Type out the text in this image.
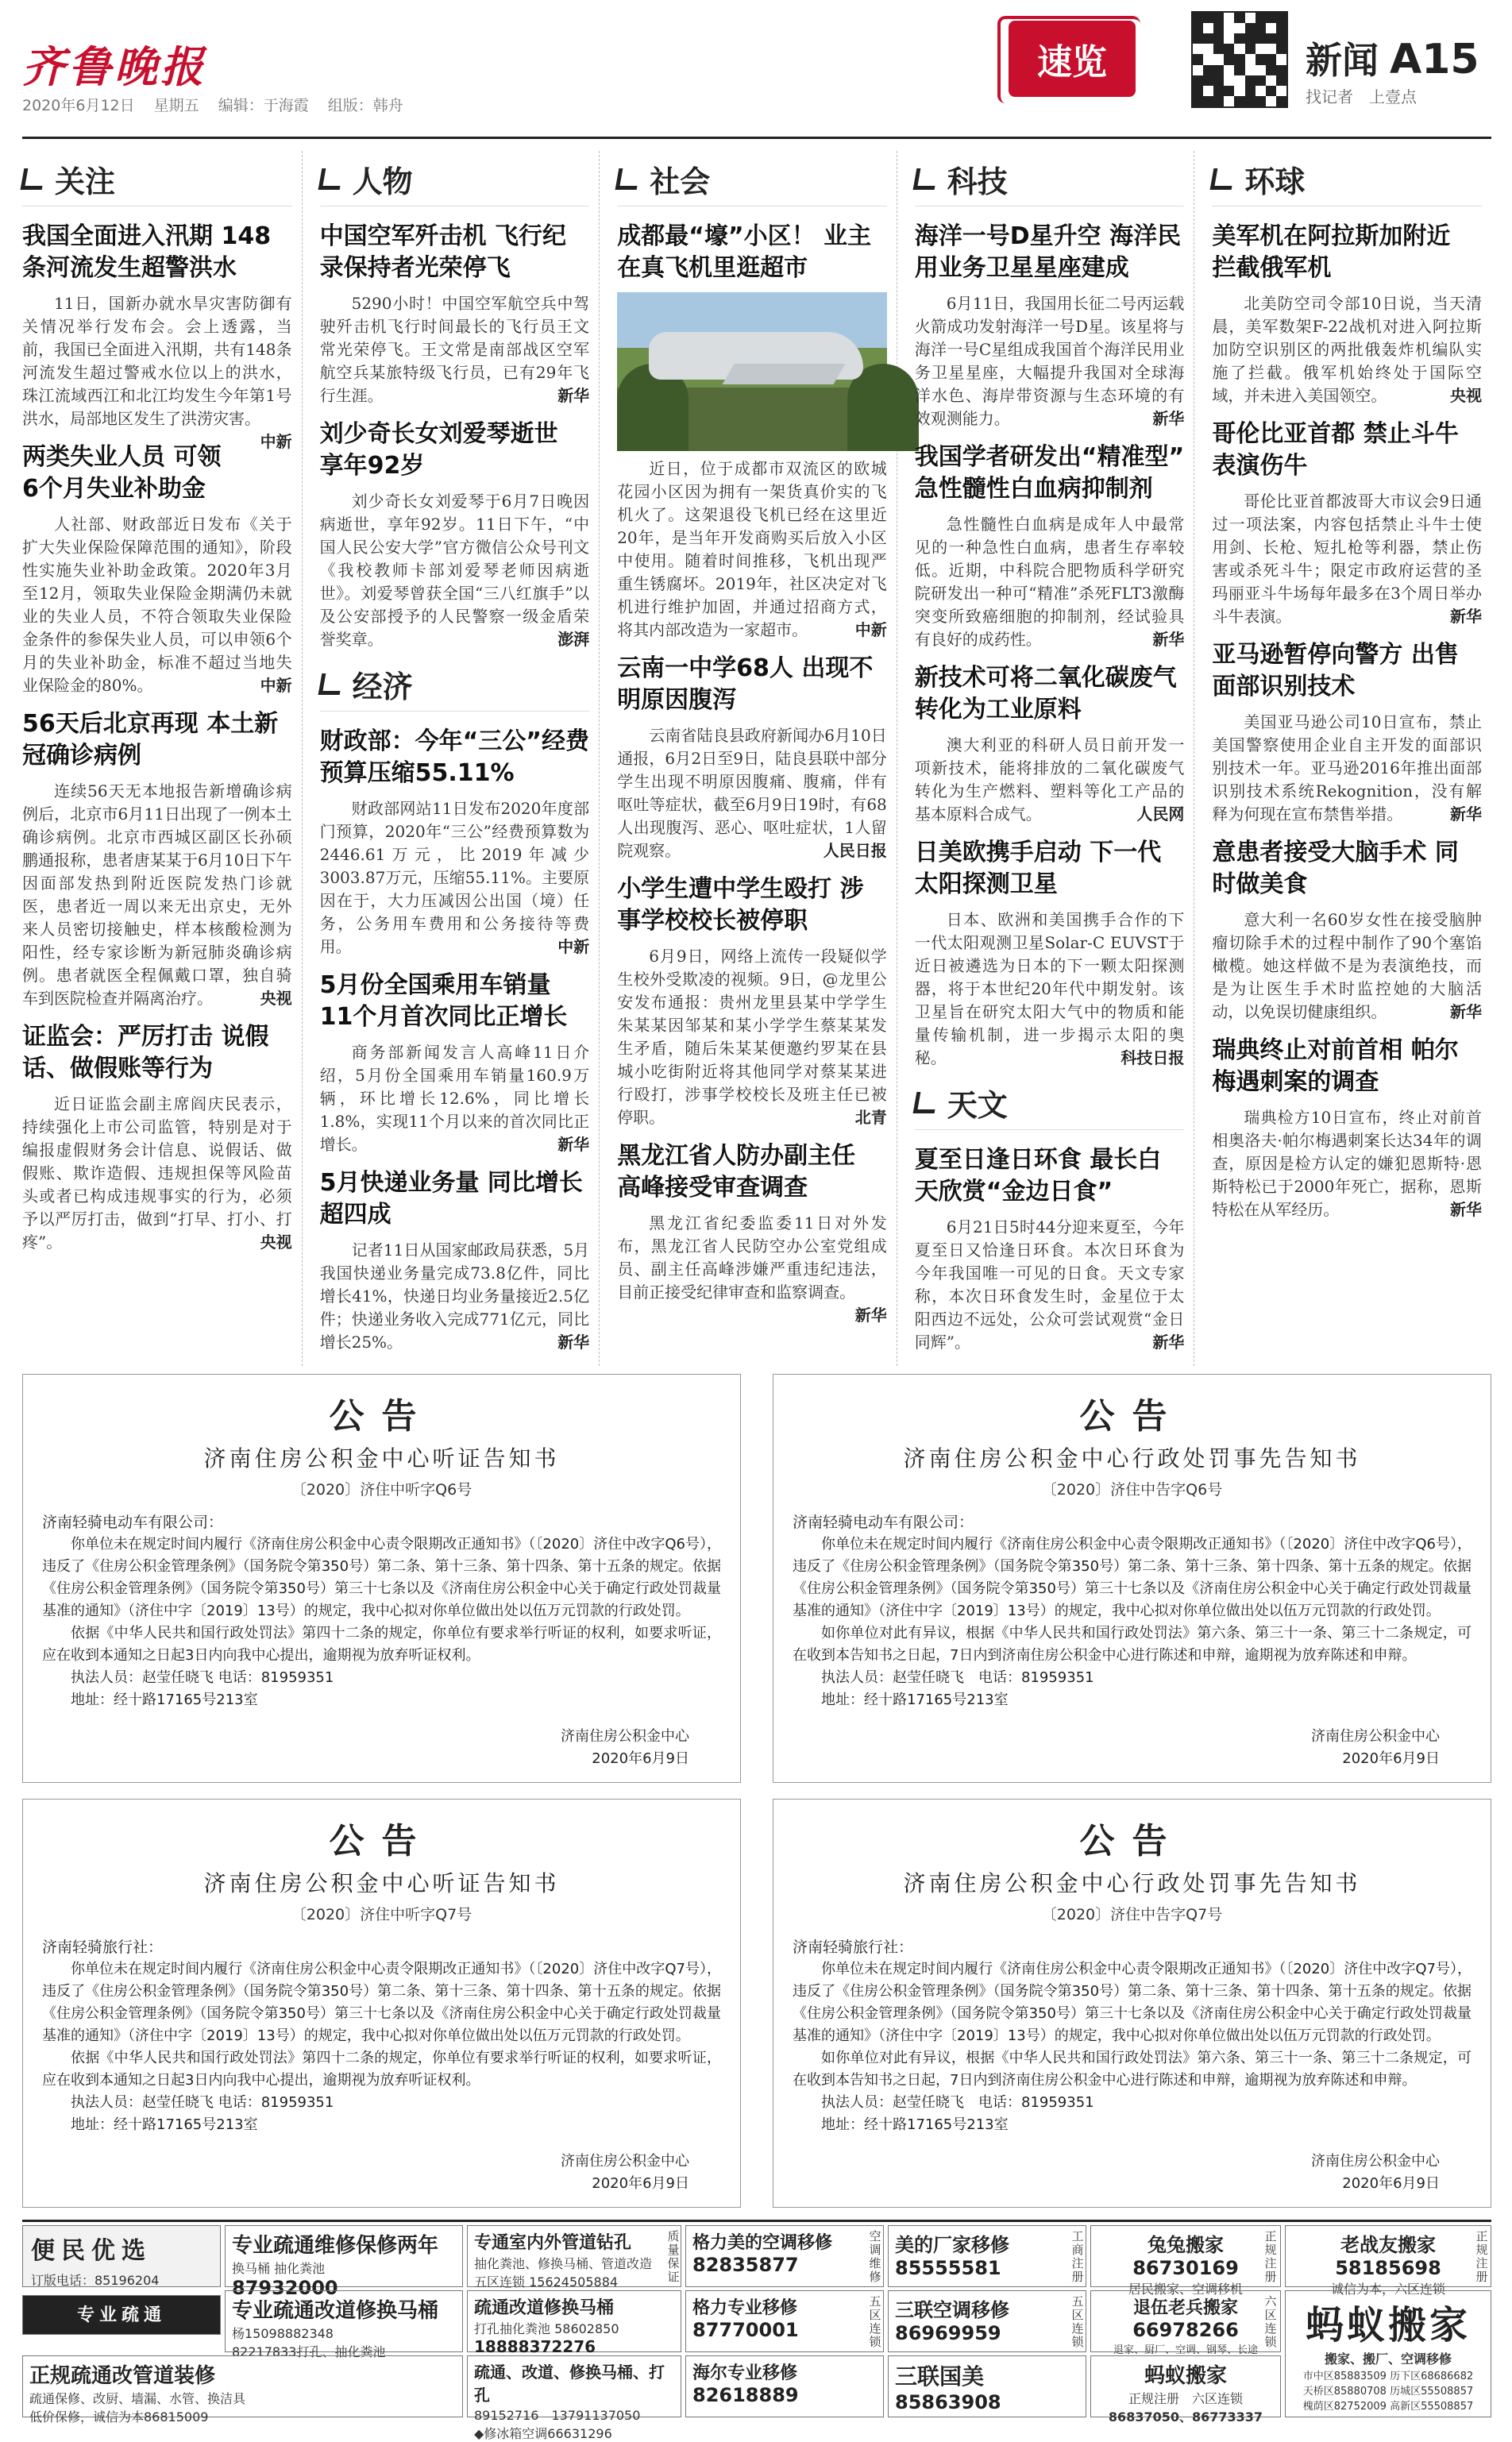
齐鲁晚报
2020年6月12日 星期五 编辑：于海霞 组版：韩舟
速览	新闻 A15
找记者　上壹点
关注
我国全面进入汛期 148条河流发生超警洪水

11日，国新办就水旱灾害防御有关情况举行发布会。会上透露，当前，我国已全面进入汛期，共有148条河流发生超过警戒水位以上的洪水，珠江流域西江和北江均发生今年第1号洪水，局部地区发生了洪涝灾害。
中新

两类失业人员 可领6个月失业补助金

人社部、财政部近日发布《关于扩大失业保险保障范围的通知》，阶段性实施失业补助金政策。2020年3月至12月，领取失业保险金期满仍未就业的失业人员，不符合领取失业保险金条件的参保失业人员，可以申领6个月的失业补助金，标准不超过当地失业保险金的80%。	中新

56天后北京再现 本土新冠确诊病例

连续56天无本地报告新增确诊病例后，北京市6月11日出现了一例本土确诊病例。北京市西城区副区长孙硕鹏通报称，患者唐某某于6月10日下午因面部发热到附近医院发热门诊就医，患者近一周以来无出京史，无外来人员密切接触史，样本核酸检测为阳性，经专家诊断为新冠肺炎确诊病例。患者就医全程佩戴口罩，独自骑车到医院检查并隔离治疗。	央视

证监会：严厉打击 说假话、做假账等行为

近日证监会副主席阎庆民表示，持续强化上市公司监管，特别是对于编报虚假财务会计信息、说假话、做假账、欺诈造假、违规担保等风险苗头或者已构成违规事实的行为，必须予以严厉打击，做到“打早、打小、打疼”。	央视

人物
中国空军歼击机 飞行纪录保持者光荣停飞

5290小时！中国空军航空兵中驾驶歼击机飞行时间最长的飞行员王文常光荣停飞。王文常是南部战区空军航空兵某旅特级飞行员，已有29年飞行生涯。	新华

刘少奇长女刘爱琴逝世 享年92岁

刘少奇长女刘爱琴于6月7日晚因病逝世，享年92岁。11日下午，“中国人民公安大学”官方微信公众号刊文《我校教师卡部刘爱琴老师因病逝世》。刘爱琴曾获全国“三八红旗手”以及公安部授予的人民警察一级金盾荣誉奖章。	澎湃

经济
财政部：今年“三公”经费 预算压缩55.11%

财政部网站11日发布2020年度部门预算，2020年“三公”经费预算数为2446.61万元，比2019年减少3003.87万元，压缩55.11%。主要原因在于，大力压减因公出国（境）任务，公务用车费用和公务接待等费用。	中新

5月份全国乘用车销量 11个月首次同比正增长

商务部新闻发言人高峰11日介绍，5月份全国乘用车销量160.9万辆，环比增长12.6%，同比增长1.8%，实现11个月以来的首次同比正增长。	新华

5月快递业务量 同比增长超四成

记者11日从国家邮政局获悉，5月我国快递业务量完成73.8亿件，同比增长41%，快递日均业务量接近2.5亿件；快递业务收入完成771亿元，同比增长25%。	新华

社会
成都最“壕”小区！ 业主在真飞机里逛超市

近日，位于成都市双流区的欧城花园小区因为拥有一架货真价实的飞机火了。这架退役飞机已经在这里近20年，是当年开发商购买后放入小区中使用。随着时间推移，飞机出现严重生锈腐坏。2019年，社区决定对飞机进行维护加固，并通过招商方式，将其内部改造为一家超市。	中新

云南一中学68人 出现不明原因腹泻

云南省陆良县政府新闻办6月10日通报，6月2日至9日，陆良县联中部分学生出现不明原因腹痛、腹痛，伴有呕吐等症状，截至6月9日19时，有68人出现腹泻、恶心、呕吐症状，1人留院观察。	人民日报

小学生遭中学生殴打 涉事学校校长被停职

6月9日，网络上流传一段疑似学生校外受欺凌的视频。9日，@龙里公安发布通报：贵州龙里县某中学学生朱某某因邹某和某小学学生蔡某某发生矛盾，随后朱某某便邀约罗某在县城小吃街附近将其他同学对蔡某某进行殴打，涉事学校校长及班主任已被停职。	北青

黑龙江省人防办副主任 高峰接受审查调查

黑龙江省纪委监委11日对外发布，黑龙江省人民防空办公室党组成员、副主任高峰涉嫌严重违纪违法，目前正接受纪律审查和监察调查。
新华

科技
海洋一号D星升空 海洋民用业务卫星星座建成

6月11日，我国用长征二号丙运载火箭成功发射海洋一号D星。该星将与海洋一号C星组成我国首个海洋民用业务卫星星座，大幅提升我国对全球海洋水色、海岸带资源与生态环境的有效观测能力。	新华

我国学者研发出“精准型” 急性髓性白血病抑制剂

急性髓性白血病是成年人中最常见的一种急性白血病，患者生存率较低。近期，中科院合肥物质科学研究院研发出一种可“精准”杀死FLT3激酶突变所致癌细胞的抑制剂，经试验具有良好的成药性。	新华

新技术可将二氧化碳废气 转化为工业原料

澳大利亚的科研人员日前开发一项新技术，能将排放的二氧化碳废气转化为生产燃料、塑料等化工产品的基本原料合成气。	人民网

日美欧携手启动 下一代太阳探测卫星

日本、欧洲和美国携手合作的下一代太阳观测卫星Solar-C EUVST于近日被遴选为日本的下一颗太阳探测器，将于本世纪20年代中期发射。该卫星旨在研究太阳大气中的物质和能量传输机制，进一步揭示太阳的奥秘。	科技日报

天文
夏至日逢日环食 最长白天欣赏“金边日食”

6月21日5时44分迎来夏至，今年夏至日又恰逢日环食。本次日环食为今年我国唯一可见的日食。天文专家称，本次日环食发生时，金星位于太阳西边不远处，公众可尝试观赏“金日同辉”。	新华

环球
美军机在阿拉斯加附近 拦截俄军机

北美防空司令部10日说，当天清晨，美军数架F-22战机对进入阿拉斯加防空识别区的两批俄轰炸机编队实施了拦截。俄军机始终处于国际空域，并未进入美国领空。	央视

哥伦比亚首都 禁止斗牛表演伤牛

哥伦比亚首都波哥大市议会9日通过一项法案，内容包括禁止斗牛士使用剑、长枪、短扎枪等利器，禁止伤害或杀死斗牛；限定市政府运营的圣玛丽亚斗牛场每年最多在3个周日举办斗牛表演。	新华

亚马逊暂停向警方 出售面部识别技术

美国亚马逊公司10日宣布，禁止美国警察使用企业自主开发的面部识别技术一年。亚马逊2016年推出面部识别技术系统Rekognition，没有解释为何现在宣布禁售举措。	新华

意患者接受大脑手术 同时做美食

意大利一名60岁女性在接受脑肿瘤切除手术的过程中制作了90个塞馅橄榄。她这样做不是为表演绝技，而是为让医生手术时监控她的大脑活动，以免误切健康组织。	新华

瑞典终止对前首相 帕尔梅遇刺案的调查

瑞典检方10日宣布，终止对前首相奥洛夫·帕尔梅遇刺案长达34年的调查，原因是检方认定的嫌犯恩斯特·恩斯特松已于2000年死亡，据称，恩斯特松在从军经历。	新华

公告
济南住房公积金中心听证告知书
〔2020〕济住中听字Q6号
济南轻骑电动车有限公司：

你单位未在规定时间内履行《济南住房公积金中心责令限期改正通知书》（〔2020〕济住中改字Q6号），违反了《住房公积金管理条例》（国务院令第350号）第二条、第十三条、第十四条、第十五条的规定。依据《住房公积金管理条例》（国务院令第350号）第三十七条以及《济南住房公积金中心关于确定行政处罚裁量基准的通知》（济住中字〔2019〕13号）的规定，我中心拟对你单位做出处以伍万元罚款的行政处罚。

依据《中华人民共和国行政处罚法》第四十二条的规定，你单位有要求举行听证的权利，如要求听证，应在收到本通知之日起3日内向我中心提出，逾期视为放弃听证权利。

执法人员：赵莹任晓飞 电话：81959351

地址：经十路17165号213室

济南住房公积金中心
2020年6月9日
公告
济南住房公积金中心行政处罚事先告知书
〔2020〕济住中告字Q6号
济南轻骑电动车有限公司：

你单位未在规定时间内履行《济南住房公积金中心责令限期改正通知书》（〔2020〕济住中改字Q6号），违反了《住房公积金管理条例》（国务院令第350号）第二条、第十三条、第十四条、第十五条的规定。依据《住房公积金管理条例》（国务院令第350号）第三十七条以及《济南住房公积金中心关于确定行政处罚裁量基准的通知》（济住中字〔2019〕13号）的规定，我中心拟对你单位做出处以伍万元罚款的行政处罚。

如你单位对此有异议，根据《中华人民共和国行政处罚法》第六条、第三十一条、第三十二条规定，可在收到本告知书之日起，7日内到济南住房公积金中心进行陈述和申辩，逾期视为放弃陈述和申辩。

执法人员：赵莹任晓飞　电话：81959351

地址：经十路17165号213室

济南住房公积金中心
2020年6月9日
公告
济南住房公积金中心听证告知书
〔2020〕济住中听字Q7号
济南轻骑旅行社：

你单位未在规定时间内履行《济南住房公积金中心责令限期改正通知书》（〔2020〕济住中改字Q7号），违反了《住房公积金管理条例》（国务院令第350号）第二条、第十三条、第十四条、第十五条的规定。依据《住房公积金管理条例》（国务院令第350号）第三十七条以及《济南住房公积金中心关于确定行政处罚裁量基准的通知》（济住中字〔2019〕13号）的规定，我中心拟对你单位做出处以伍万元罚款的行政处罚。

依据《中华人民共和国行政处罚法》第四十二条的规定，你单位有要求举行听证的权利，如要求听证，应在收到本通知之日起3日内向我中心提出，逾期视为放弃听证权利。

执法人员：赵莹任晓飞 电话：81959351

地址：经十路17165号213室

济南住房公积金中心
2020年6月9日
公告
济南住房公积金中心行政处罚事先告知书
〔2020〕济住中告字Q7号
济南轻骑旅行社：

你单位未在规定时间内履行《济南住房公积金中心责令限期改正通知书》（〔2020〕济住中改字Q7号），违反了《住房公积金管理条例》（国务院令第350号）第二条、第十三条、第十四条、第十五条的规定。依据《住房公积金管理条例》（国务院令第350号）第三十七条以及《济南住房公积金中心关于确定行政处罚裁量基准的通知》（济住中字〔2019〕13号）的规定，我中心拟对你单位做出处以伍万元罚款的行政处罚。

如你单位对此有异议，根据《中华人民共和国行政处罚法》第六条、第三十一条、第三十二条规定，可在收到本告知书之日起，7日内到济南住房公积金中心进行陈述和申辩，逾期视为放弃陈述和申辩。

执法人员：赵莹任晓飞　电话：81959351

地址：经十路17165号213室

济南住房公积金中心
2020年6月9日
便民优选
订版电话：85196204
专业疏通
专业疏通维修保修两年
换马桶 抽化粪池
87932000
专业疏通改道修换马桶
杨15098882348
82217833打孔、抽化粪池
正规疏通改管道装修
疏通保修、改厨、墙漏、水管、换洁具
低价保修，诚信为本86815009
专通室内外管道钻孔
抽化粪池、修换马桶、管道改造
五区连锁 15624505884
疏通改道修换马桶
打孔抽化粪池 58602850
18888372276
疏通、改道、修换马桶、打孔
89152716　13791137050
◆修冰箱空调66631296
格力美的空调移修
82835877
格力专业移修
87770001
海尔专业移修
82618889
美的厂家移修
85555581
三联空调移修
86969959
三联国美
85863908
兔兔搬家
86730169
居民搬家、空调移机
退伍老兵搬家
66978266
退家、厨厂、空调、钢琴、长途
蚂蚁搬家
正规注册　六区连锁
86837050、86773337
老战友搬家
58185698
诚信为本，六区连锁
蚂蚁搬家
搬家、搬厂、空调移修
市中区85883509 历下区68686682
天桥区85880708 历城区55508857
槐荫区82752009 高新区55508857
质量保证
空调维修
五区连锁
工商注册
五区连锁
正规注册
六区连锁
正规注册
